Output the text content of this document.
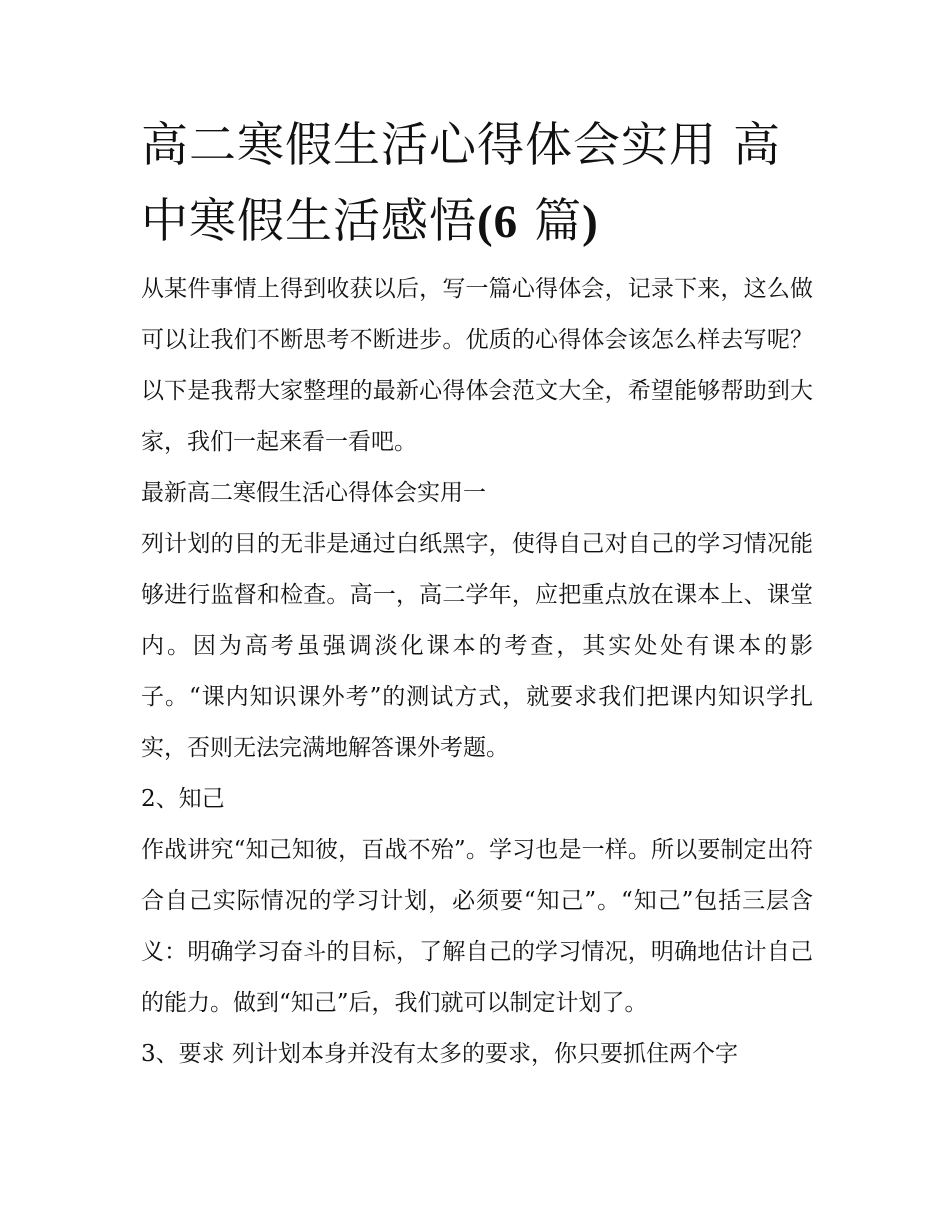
高二寒假生活心得体会实用 高中寒假生活感悟(6 篇)

从某件事情上得到收获以后，写一篇心得体会，记录下来，这么做可以让我们不断思考不断进步。优质的心得体会该怎么样去写呢？以下是我帮大家整理的最新心得体会范文大全，希望能够帮助到大家，我们一起来看一看吧。

最新高二寒假生活心得体会实用一

列计划的目的无非是通过白纸黑字，使得自己对自己的学习情况能够进行监督和检查。高一，高二学年，应把重点放在课本上、课堂内。因为高考虽强调淡化课本的考查，其实处处有课本的影子。“课内知识课外考”的测试方式，就要求我们把课内知识学扎实，否则无法完满地解答课外考题。

2、知己

作战讲究“知己知彼，百战不殆”。学习也是一样。所以要制定出符合自己实际情况的学习计划，必须要“知己”。“知己”包括三层含义：明确学习奋斗的目标，了解自己的学习情况，明确地估计自己的能力。做到“知己”后，我们就可以制定计划了。

3、要求 列计划本身并没有太多的要求，你只要抓住两个字
